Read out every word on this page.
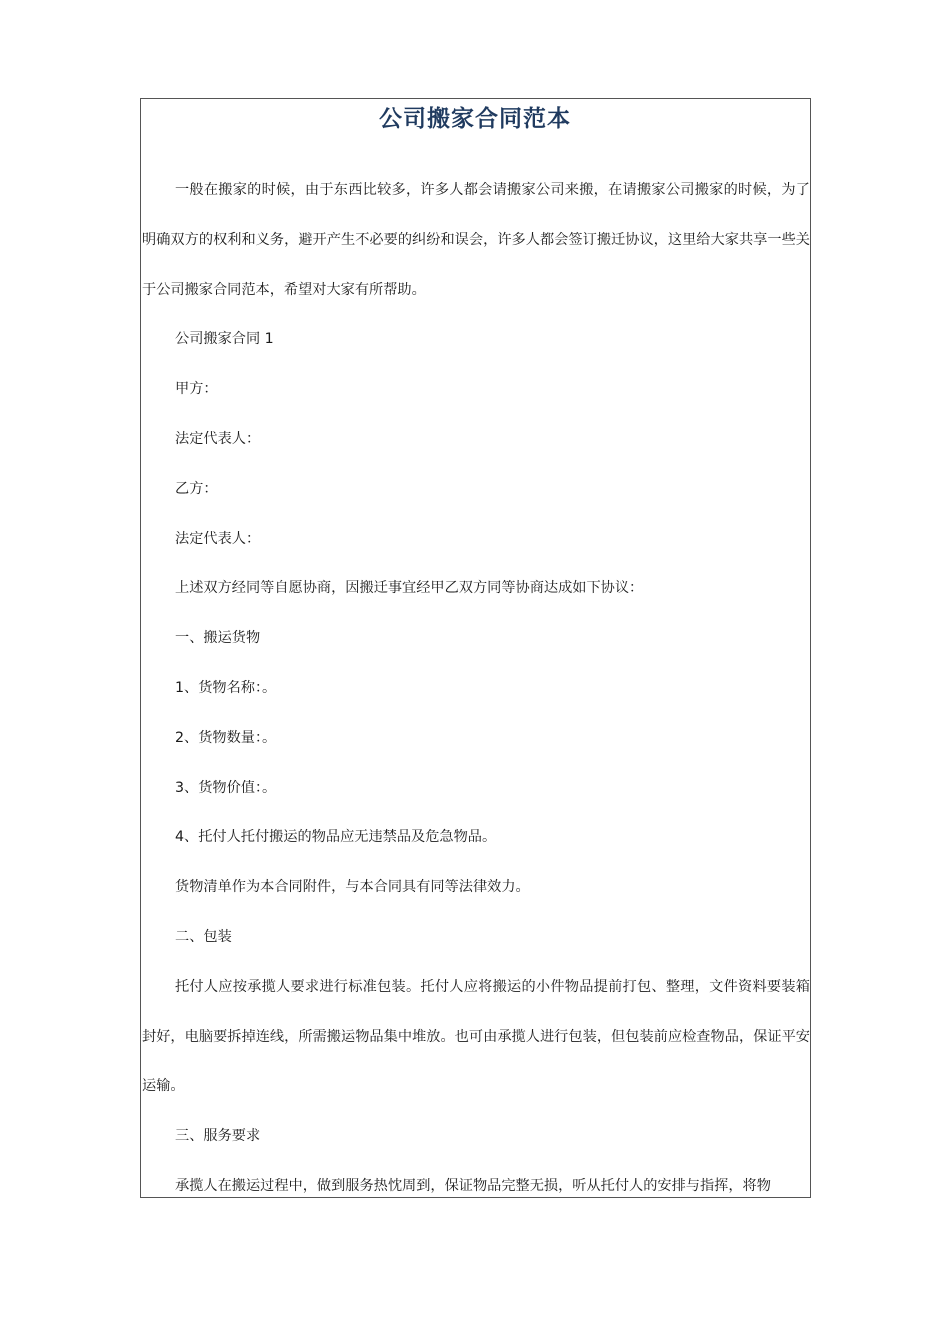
公司搬家合同范本

一般在搬家的时候，由于东西比较多，许多人都会请搬家公司来搬，在请搬家公司搬家的时候，为了明确双方的权利和义务，避开产生不必要的纠纷和误会，许多人都会签订搬迁协议，这里给大家共享一些关于公司搬家合同范本，希望对大家有所帮助。

公司搬家合同 1

甲方：

法定代表人：

乙方：

法定代表人：

上述双方经同等自愿协商，因搬迁事宜经甲乙双方同等协商达成如下协议：

一、搬运货物

1、货物名称：。

2、货物数量：。

3、货物价值：。

4、托付人托付搬运的物品应无违禁品及危急物品。

货物清单作为本合同附件，与本合同具有同等法律效力。

二、包装

托付人应按承揽人要求进行标准包装。托付人应将搬运的小件物品提前打包、整理，文件资料要装箱封好，电脑要拆掉连线，所需搬运物品集中堆放。也可由承揽人进行包装，但包装前应检查物品，保证平安运输。

三、服务要求

承揽人在搬运过程中，做到服务热忱周到，保证物品完整无损，听从托付人的安排与指挥，将物
